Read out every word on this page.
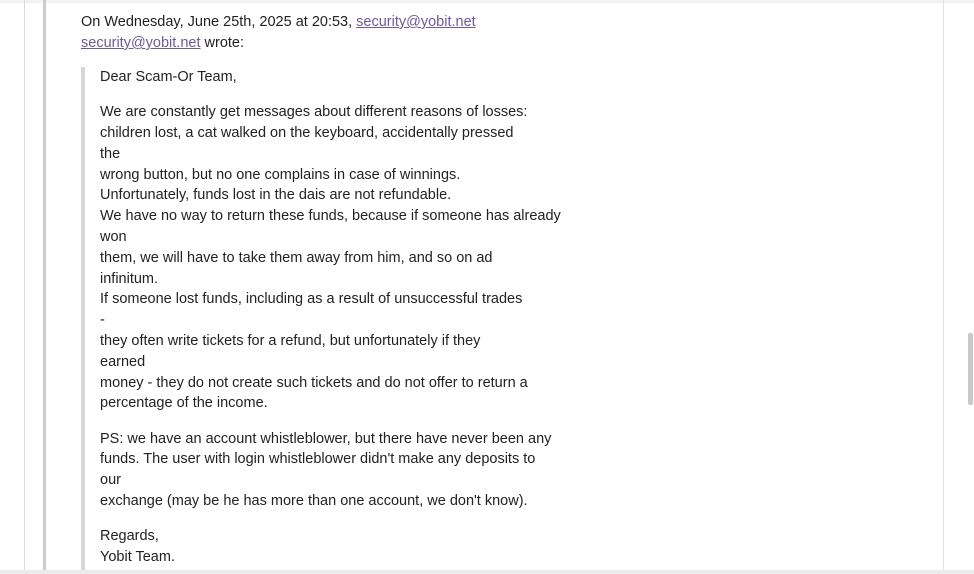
On Wednesday, June 25th, 2025 at 20:53, security@yobit.net
security@yobit.net wrote:

Dear Scam-Or Team,

We are constantly get messages about different reasons of losses:
children lost, a cat walked on the keyboard, accidentally pressed
the
wrong button, but no one complains in case of winnings.
Unfortunately, funds lost in the dais are not refundable.
We have no way to return these funds, because if someone has already
won
them, we will have to take them away from him, and so on ad
infinitum.
If someone lost funds, including as a result of unsuccessful trades
-
they often write tickets for a refund, but unfortunately if they
earned
money - they do not create such tickets and do not offer to return a
percentage of the income.

PS: we have an account whistleblower, but there have never been any
funds. The user with login whistleblower didn't make any deposits to
our
exchange (may be he has more than one account, we don't know).

Regards,
Yobit Team.
